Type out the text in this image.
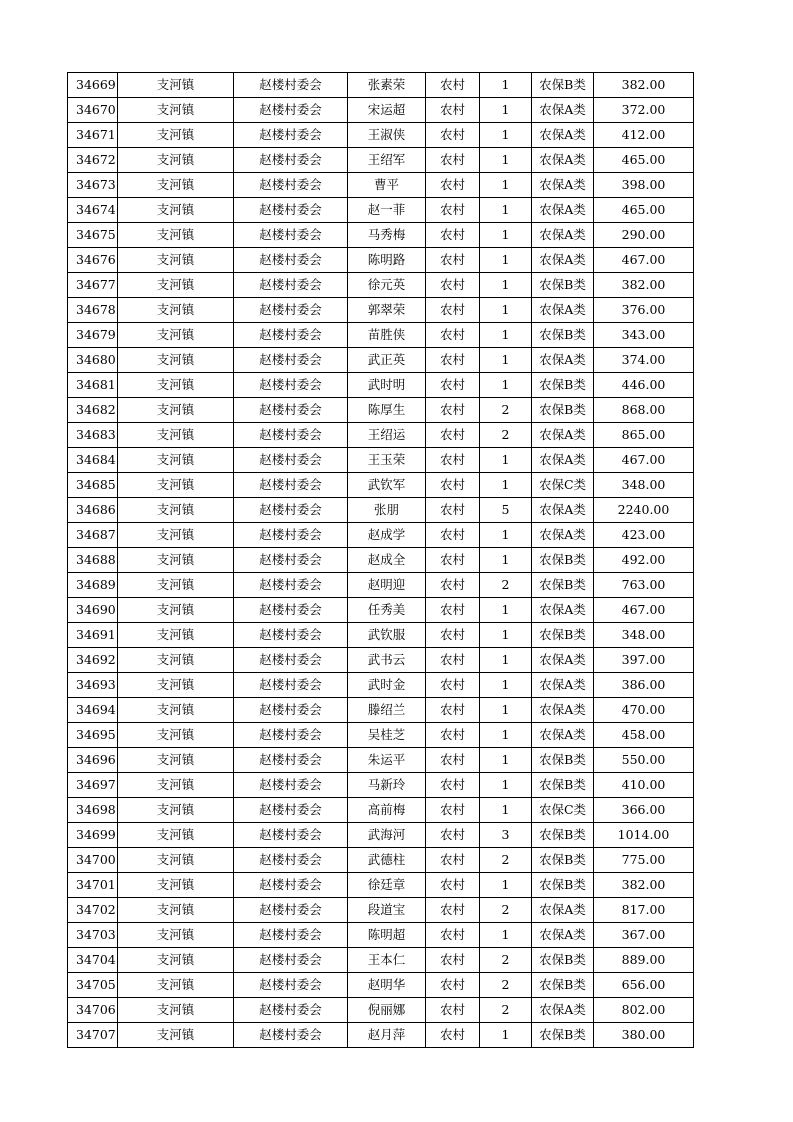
34669	支河镇	赵楼村委会	张素荣	农村	1	农保B类	382.00
34670	支河镇	赵楼村委会	宋运超	农村	1	农保A类	372.00
34671	支河镇	赵楼村委会	王淑侠	农村	1	农保A类	412.00
34672	支河镇	赵楼村委会	王绍军	农村	1	农保A类	465.00
34673	支河镇	赵楼村委会	曹平	农村	1	农保A类	398.00
34674	支河镇	赵楼村委会	赵一菲	农村	1	农保A类	465.00
34675	支河镇	赵楼村委会	马秀梅	农村	1	农保A类	290.00
34676	支河镇	赵楼村委会	陈明路	农村	1	农保A类	467.00
34677	支河镇	赵楼村委会	徐元英	农村	1	农保B类	382.00
34678	支河镇	赵楼村委会	郭翠荣	农村	1	农保A类	376.00
34679	支河镇	赵楼村委会	苗胜侠	农村	1	农保B类	343.00
34680	支河镇	赵楼村委会	武正英	农村	1	农保A类	374.00
34681	支河镇	赵楼村委会	武时明	农村	1	农保B类	446.00
34682	支河镇	赵楼村委会	陈厚生	农村	2	农保B类	868.00
34683	支河镇	赵楼村委会	王绍运	农村	2	农保A类	865.00
34684	支河镇	赵楼村委会	王玉荣	农村	1	农保A类	467.00
34685	支河镇	赵楼村委会	武钦军	农村	1	农保C类	348.00
34686	支河镇	赵楼村委会	张朋	农村	5	农保A类	2240.00
34687	支河镇	赵楼村委会	赵成学	农村	1	农保A类	423.00
34688	支河镇	赵楼村委会	赵成全	农村	1	农保B类	492.00
34689	支河镇	赵楼村委会	赵明迎	农村	2	农保B类	763.00
34690	支河镇	赵楼村委会	任秀美	农村	1	农保A类	467.00
34691	支河镇	赵楼村委会	武钦服	农村	1	农保B类	348.00
34692	支河镇	赵楼村委会	武书云	农村	1	农保A类	397.00
34693	支河镇	赵楼村委会	武时金	农村	1	农保A类	386.00
34694	支河镇	赵楼村委会	滕绍兰	农村	1	农保A类	470.00
34695	支河镇	赵楼村委会	吴桂芝	农村	1	农保A类	458.00
34696	支河镇	赵楼村委会	朱运平	农村	1	农保B类	550.00
34697	支河镇	赵楼村委会	马新玲	农村	1	农保B类	410.00
34698	支河镇	赵楼村委会	高前梅	农村	1	农保C类	366.00
34699	支河镇	赵楼村委会	武海河	农村	3	农保B类	1014.00
34700	支河镇	赵楼村委会	武德柱	农村	2	农保B类	775.00
34701	支河镇	赵楼村委会	徐廷章	农村	1	农保B类	382.00
34702	支河镇	赵楼村委会	段道宝	农村	2	农保A类	817.00
34703	支河镇	赵楼村委会	陈明超	农村	1	农保A类	367.00
34704	支河镇	赵楼村委会	王本仁	农村	2	农保B类	889.00
34705	支河镇	赵楼村委会	赵明华	农村	2	农保B类	656.00
34706	支河镇	赵楼村委会	倪丽娜	农村	2	农保A类	802.00
34707	支河镇	赵楼村委会	赵月萍	农村	1	农保B类	380.00
